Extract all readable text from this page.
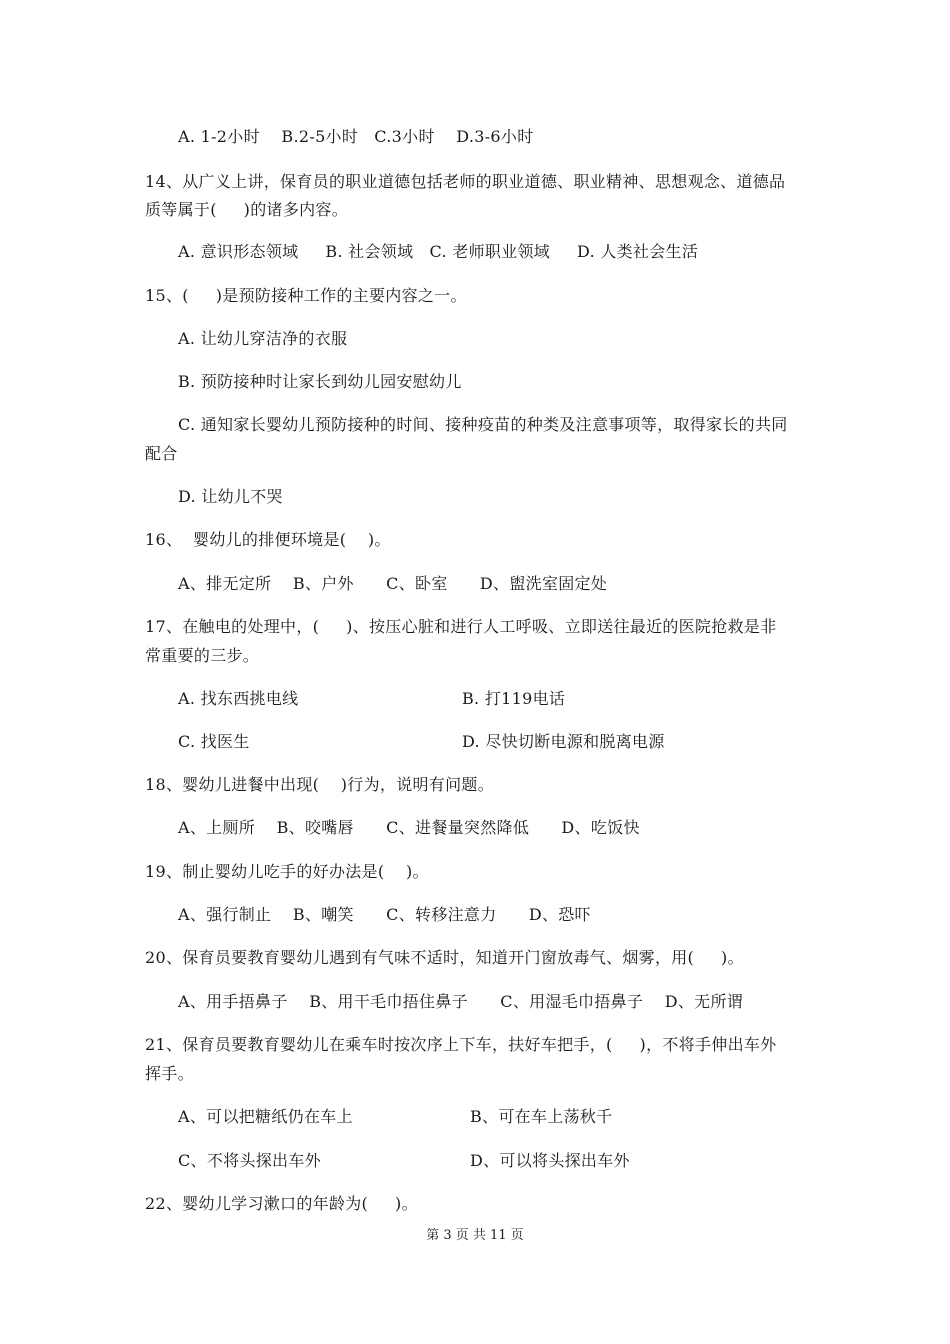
A. 1-2小时    B.2-5小时   C.3小时    D.3-6小时
14、从广义上讲，保育员的职业道德包括老师的职业道德、职业精神、思想观念、道德品
质等属于(     )的诸多内容。
A. 意识形态领域     B. 社会领域   C. 老师职业领域     D. 人类社会生活
15、(     )是预防接种工作的主要内容之一。
A. 让幼儿穿洁净的衣服
B. 预防接种时让家长到幼儿园安慰幼儿
C. 通知家长婴幼儿预防接种的时间、接种疫苗的种类及注意事项等，取得家长的共同
配合
D. 让幼儿不哭
16、  婴幼儿的排便环境是(    )。
A、排无定所    B、户外      C、卧室      D、盥洗室固定处
17、在触电的处理中，(     )、按压心脏和进行人工呼吸、立即送往最近的医院抢救是非
常重要的三步。
A. 找东西挑电线	B. 打119电话
C. 找医生	D. 尽快切断电源和脱离电源
18、婴幼儿进餐中出现(    )行为，说明有问题。
A、上厕所    B、咬嘴唇      C、进餐量突然降低      D、吃饭快
19、制止婴幼儿吃手的好办法是(    )。
A、强行制止    B、嘲笑      C、转移注意力      D、恐吓
20、保育员要教育婴幼儿遇到有气味不适时，知道开门窗放毒气、烟雾，用(     )。
A、用手捂鼻子    B、用干毛巾捂住鼻子      C、用湿毛巾捂鼻子    D、无所谓
21、保育员要教育婴幼儿在乘车时按次序上下车，扶好车把手，(     )，不将手伸出车外
挥手。
A、可以把糖纸仍在车上	B、可在车上荡秋千
C、不将头探出车外	D、可以将头探出车外
22、婴幼儿学习漱口的年龄为(     )。
第 3 页 共 11 页
